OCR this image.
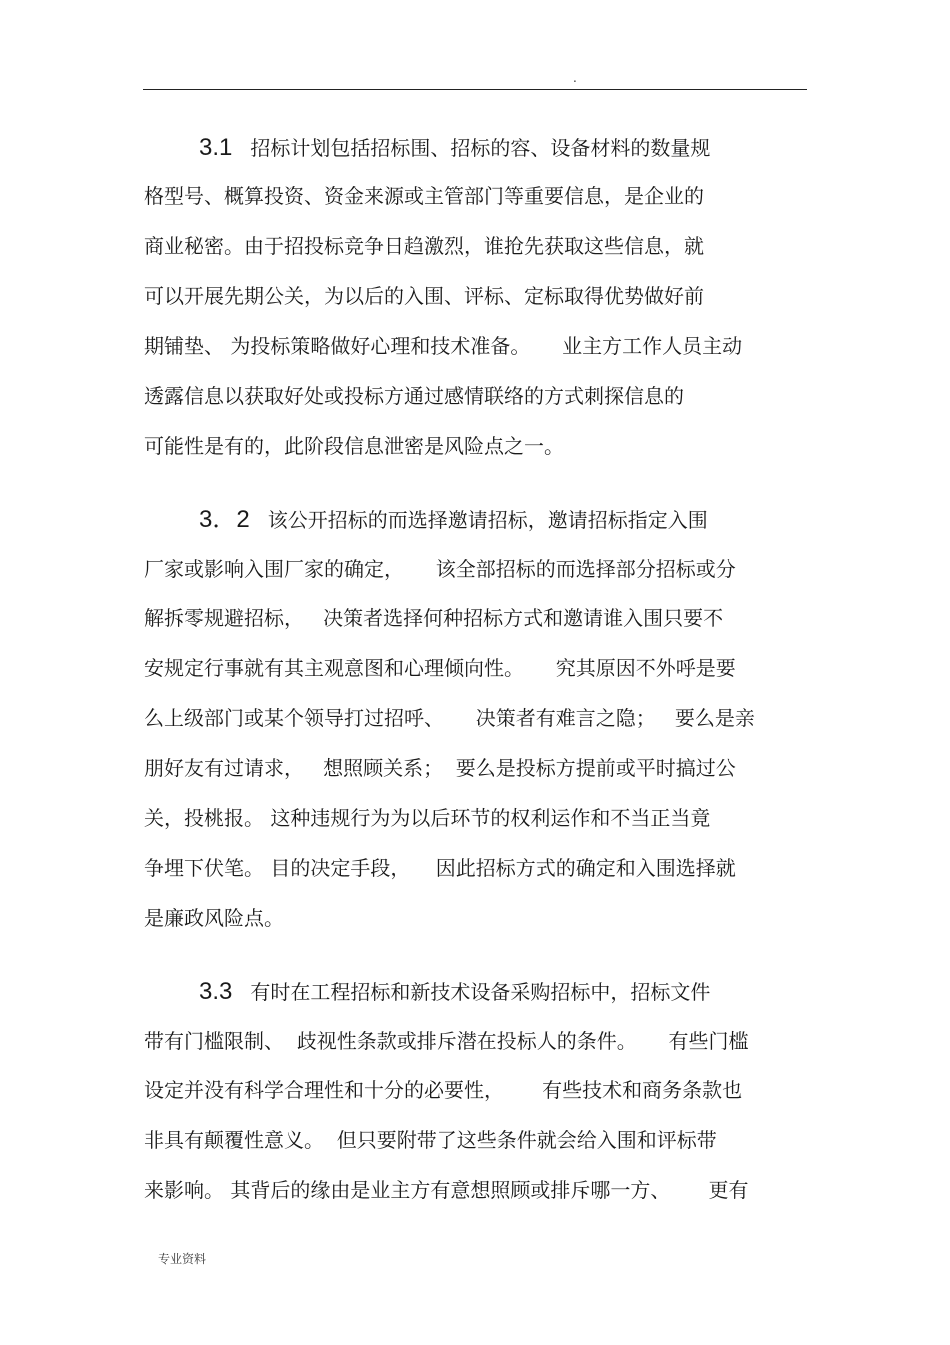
.
3.1 招标计划包括招标围、招标的容、设备材料的数量规
格型号、概算投资、资金来源或主管部门等重要信息，是企业的
商业秘密。由于招投标竞争日趋激烈，谁抢先获取这些信息，就
可以开展先期公关，为以后的入围、评标、定标取得优势做好前
期铺垫、 为投标策略做好心理和技术准备。     业主方工作人员主动
透露信息以获取好处或投标方通过感情联络的方式刺探信息的
可能性是有的，此阶段信息泄密是风险点之一。
3．2 该公开招标的而选择邀请招标，邀请招标指定入围
厂家或影响入围厂家的确定，     该全部招标的而选择部分招标或分
解拆零规避招标，   决策者选择何种招标方式和邀请谁入围只要不
安规定行事就有其主观意图和心理倾向性。     究其原因不外呼是要
么上级部门或某个领导打过招呼、     决策者有难言之隐；   要么是亲
朋好友有过请求，   想照顾关系；  要么是投标方提前或平时搞过公
关，投桃报。 这种违规行为为以后环节的权利运作和不当正当竟
争埋下伏笔。 目的决定手段，    因此招标方式的确定和入围选择就
是廉政风险点。
3.3 有时在工程招标和新技术设备采购招标中，招标文件
带有门槛限制、  歧视性条款或排斥潜在投标人的条件。     有些门槛
设定并没有科学合理性和十分的必要性，      有些技术和商务条款也
非具有颠覆性意义。  但只要附带了这些条件就会给入围和评标带
来影响。 其背后的缘由是业主方有意想照顾或排斥哪一方、      更有
专业资料
